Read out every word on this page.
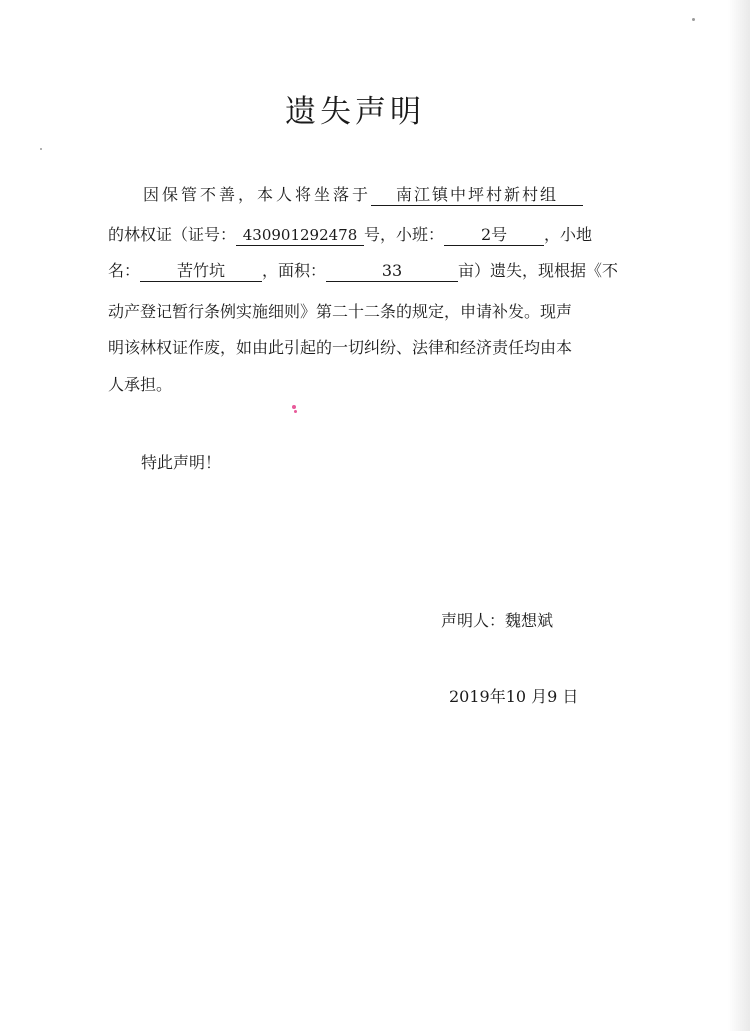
遗失声明
因保管不善，本人将坐落于 南江镇中坪村新村组
的林权证（证号： 430901292478 号，小班： 2号 ，小地
名： 苦竹坑 ，面积：	33	亩）遗失，现根据《不
动产登记暂行条例实施细则》第二十二条的规定，申请补发。现声
明该林权证作废，如由此引起的一切纠纷、法律和经济责任均由本
人承担。
特此声明！
声明人：魏想斌
2019年10 月9 日
